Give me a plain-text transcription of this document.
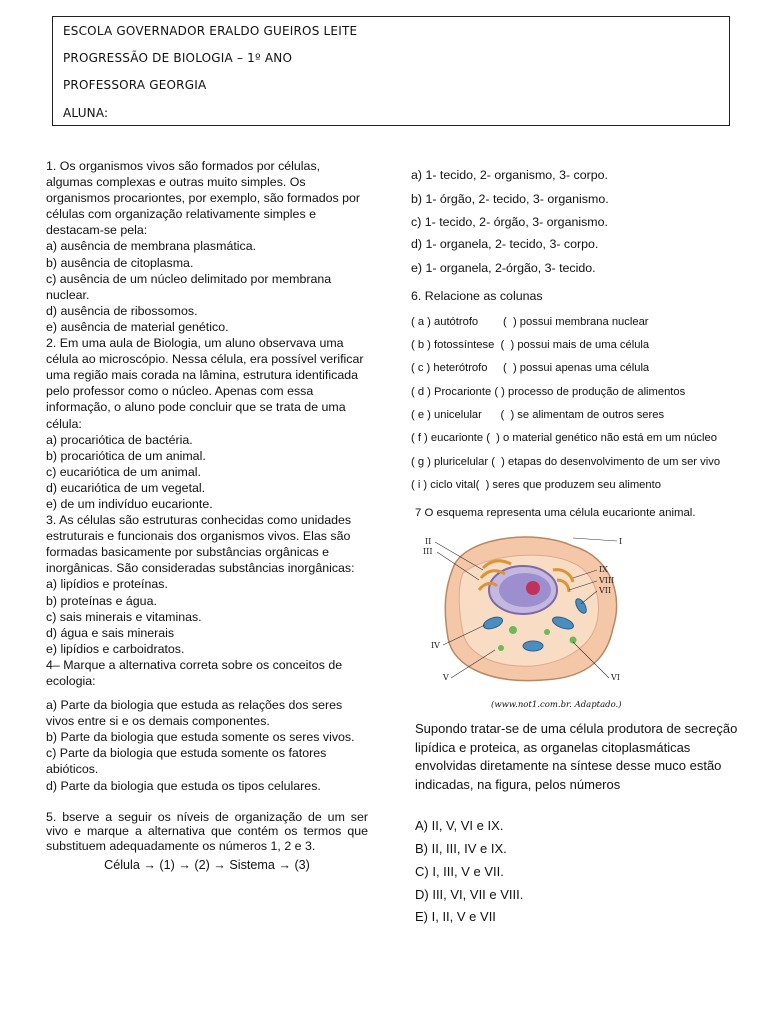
ESCOLA GOVERNADOR ERALDO GUEIROS LEITE
PROGRESSÃO DE BIOLOGIA – 1º ANO
PROFESSORA GEORGIA
ALUNA:

1. Os organismos vivos são formados por células, algumas complexas e outras muito simples. Os organismos procariontes, por exemplo, são formados por células com organização relativamente simples e destacam-se pela:

a) ausência de membrana plasmática.

b) ausência de citoplasma.

c) ausência de um núcleo delimitado por membrana nuclear.

d) ausência de ribossomos.

e) ausência de material genético.

2. Em uma aula de Biologia, um aluno observava uma célula ao microscópio. Nessa célula, era possível verificar uma região mais corada na lâmina, estrutura identificada pelo professor como o núcleo. Apenas com essa informação, o aluno pode concluir que se trata de uma célula:

a) procariótica de bactéria.

b) procariótica de um animal.

c) eucariótica de um animal.

d) eucariótica de um vegetal.

e) de um indivíduo eucarionte.

3. As células são estruturas conhecidas como unidades estruturais e funcionais dos organismos vivos. Elas são formadas basicamente por substâncias orgânicas e inorgânicas. São consideradas substâncias inorgânicas:

a) lipídios e proteínas.

b) proteínas e água.

c) sais minerais e vitaminas.

d) água e sais minerais

e) lipídios e carboidratos.

4– Marque a alternativa correta sobre os conceitos de ecologia:

a) Parte da biologia que estuda as relações dos seres vivos entre si e os demais componentes.

b) Parte da biologia que estuda somente os seres vivos.

c) Parte da biologia que estuda somente os fatores abióticos.

d) Parte da biologia que estuda os tipos celulares.

5. bserve a seguir os níveis de organização de um ser vivo e marque a alternativa que contém os termos que substituem adequadamente os números 1, 2 e 3.

Célula → (1) → (2) → Sistema → (3)

a) 1- tecido, 2- organismo, 3- corpo.
b) 1- órgão, 2- tecido, 3- organismo.
c) 1- tecido, 2- órgão, 3- organismo.
d) 1- organela, 2- tecido, 3- corpo.
e) 1- organela, 2-órgão, 3- tecido.
6. Relacione as colunas
( a ) autótrofo        (  ) possui membrana nuclear
( b ) fotossíntese  (  ) possui mais de uma célula
( c ) heterótrofo     (  ) possui apenas uma célula
( d ) Procarionte ( ) processo de produção de alimentos
( e ) unicelular      (  ) se alimentam de outros seres
( f ) eucarionte (  ) o material genético não está em um núcleo
( g ) pluricelular (  ) etapas do desenvolvimento de um ser vivo
( i ) ciclo vital(  ) seres que produzem seu alimento
7 O esquema representa uma célula eucarionte animal.
II
III
I
IX
VIII
VII
IV
V	VI
(www.not1.com.br. Adaptado.)
Supondo tratar-se de uma célula produtora de secreção lipídica e proteica, as organelas citoplasmáticas envolvidas diretamente na síntese desse muco estão indicadas, na figura, pelos números
A) II, V, VI e IX.
B) II, III, IV e IX.
C) I, III, V e VII.
D) III, VI, VII e VIII.
E) I, II, V e VII
